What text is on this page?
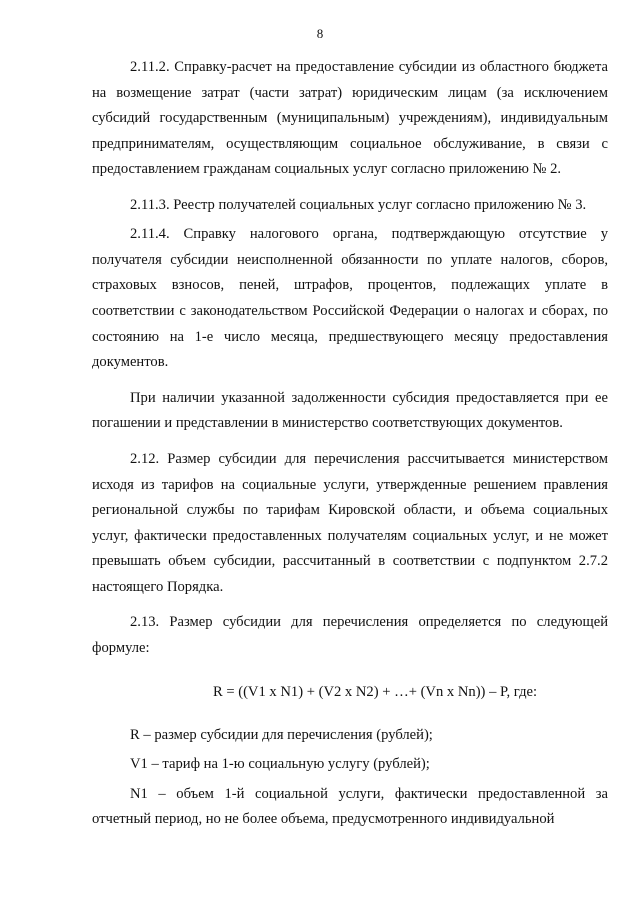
8

2.11.2. Справку-расчет на предоставление субсидии из областного бюджета на возмещение затрат (части затрат) юридическим лицам (за исключением субсидий государственным (муниципальным) учреждениям), индивидуальным предпринимателям, осуществляющим социальное обслуживание, в связи с предоставлением гражданам социальных услуг согласно приложению № 2.

2.11.3. Реестр получателей социальных услуг согласно приложению № 3.

2.11.4. Справку налогового органа, подтверждающую отсутствие у получателя субсидии неисполненной обязанности по уплате налогов, сборов, страховых взносов, пеней, штрафов, процентов, подлежащих уплате в соответствии с законодательством Российской Федерации о налогах и сборах, по состоянию на 1-е число месяца, предшествующего месяцу предоставления документов.

При наличии указанной задолженности субсидия предоставляется при ее погашении и представлении в министерство соответствующих документов.

2.12. Размер субсидии для перечисления рассчитывается министерством исходя из тарифов на социальные услуги, утвержденные решением правления региональной службы по тарифам Кировской области, и объема социальных услуг, фактически предоставленных получателям социальных услуг, и не может превышать объем субсидии, рассчитанный в соответствии с подпунктом 2.7.2 настоящего Порядка.

2.13. Размер субсидии для перечисления определяется по следующей формуле:

R = ((V1 x N1) + (V2 x N2) + …+ (Vn x Nn)) – P, где:

R – размер субсидии для перечисления (рублей);

V1 – тариф на 1-ю социальную услугу (рублей);

N1 – объем 1-й социальной услуги, фактически предоставленной за отчетный период, но не более объема, предусмотренного индивидуальной
